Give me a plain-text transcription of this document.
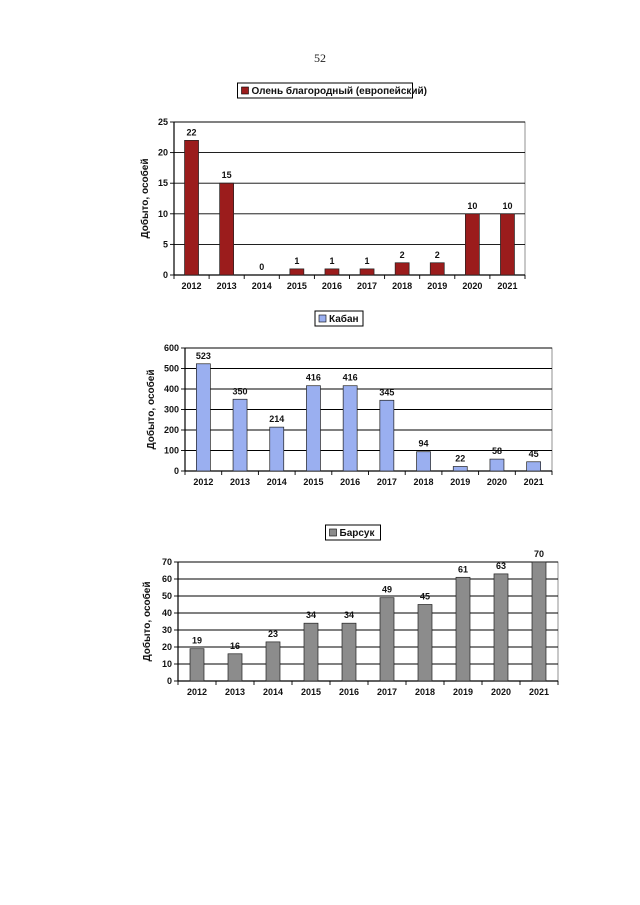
52
Олень благородный (европейский)
0
5
10
15
20
25
Добыто, особей
22
2012
15
2013
0
2014
1
2015
1
2016
1
2017
2
2018
2
2019
10
2020
10
2021
Кабан
0
100
200
300
400
500
600
Добыто, особей
523
2012
350
2013
214
2014
416
2015
416
2016
345
2017
94
2018
22
2019
58
2020
45
2021
Барсук
0
10
20
30
40
50
60
70
Добыто, особей	19
2012
16
2013
23
2014
34
2015
34
2016
49
2017
45
2018
61
2019
63
2020
70
2021
